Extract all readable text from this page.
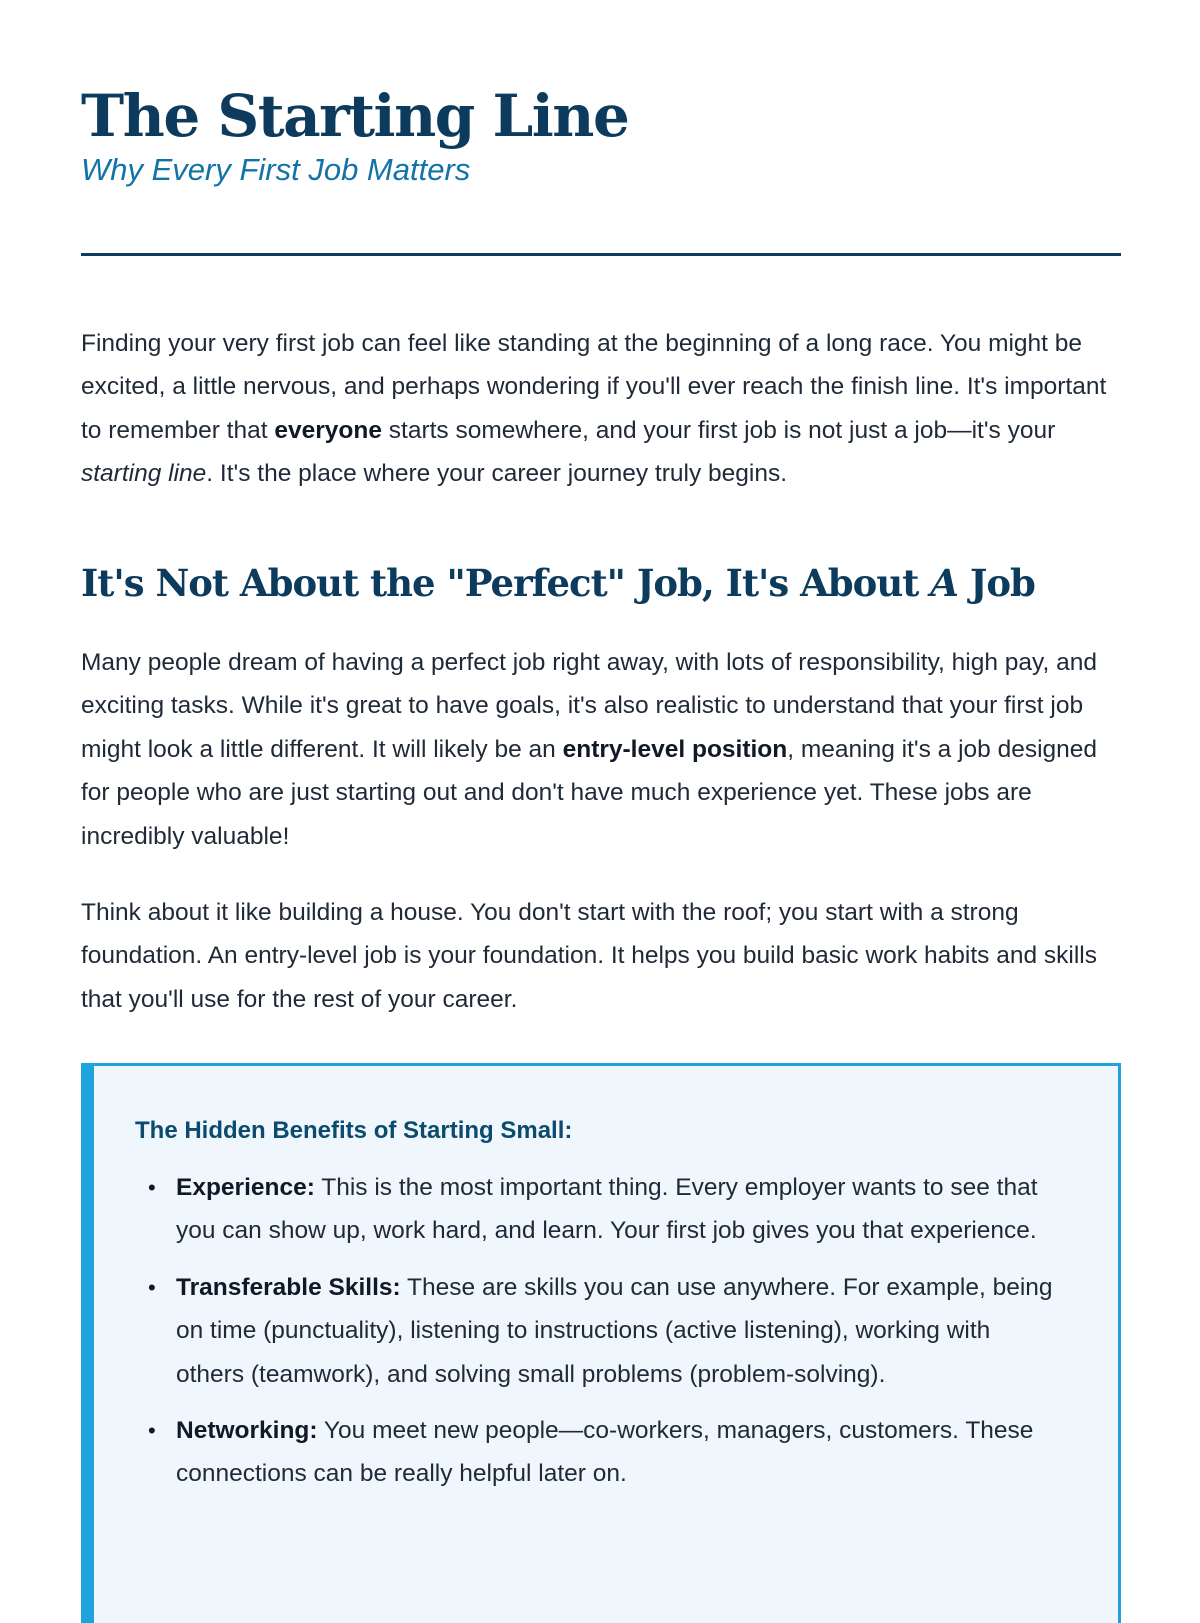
The Starting Line

Why Every First Job Matters

Finding your very first job can feel like standing at the beginning of a long race. You might be excited, a little nervous, and perhaps wondering if you'll ever reach the finish line. It's important to remember that everyone starts somewhere, and your first job is not just a job—it's your starting line. It's the place where your career journey truly begins.

It's Not About the "Perfect" Job, It's About A Job

Many people dream of having a perfect job right away, with lots of responsibility, high pay, and exciting tasks. While it's great to have goals, it's also realistic to understand that your first job might look a little different. It will likely be an entry-level position, meaning it's a job designed for people who are just starting out and don't have much experience yet. These jobs are incredibly valuable!

Think about it like building a house. You don't start with the roof; you start with a strong foundation. An entry-level job is your foundation. It helps you build basic work habits and skills that you'll use for the rest of your career.

The Hidden Benefits of Starting Small:

• Experience: This is the most important thing. Every employer wants to see that you can show up, work hard, and learn. Your first job gives you that experience.
• Transferable Skills: These are skills you can use anywhere. For example, being on time (punctuality), listening to instructions (active listening), working with others (teamwork), and solving small problems (problem-solving).
• Networking: You meet new people—co-workers, managers, customers. These connections can be really helpful later on.
